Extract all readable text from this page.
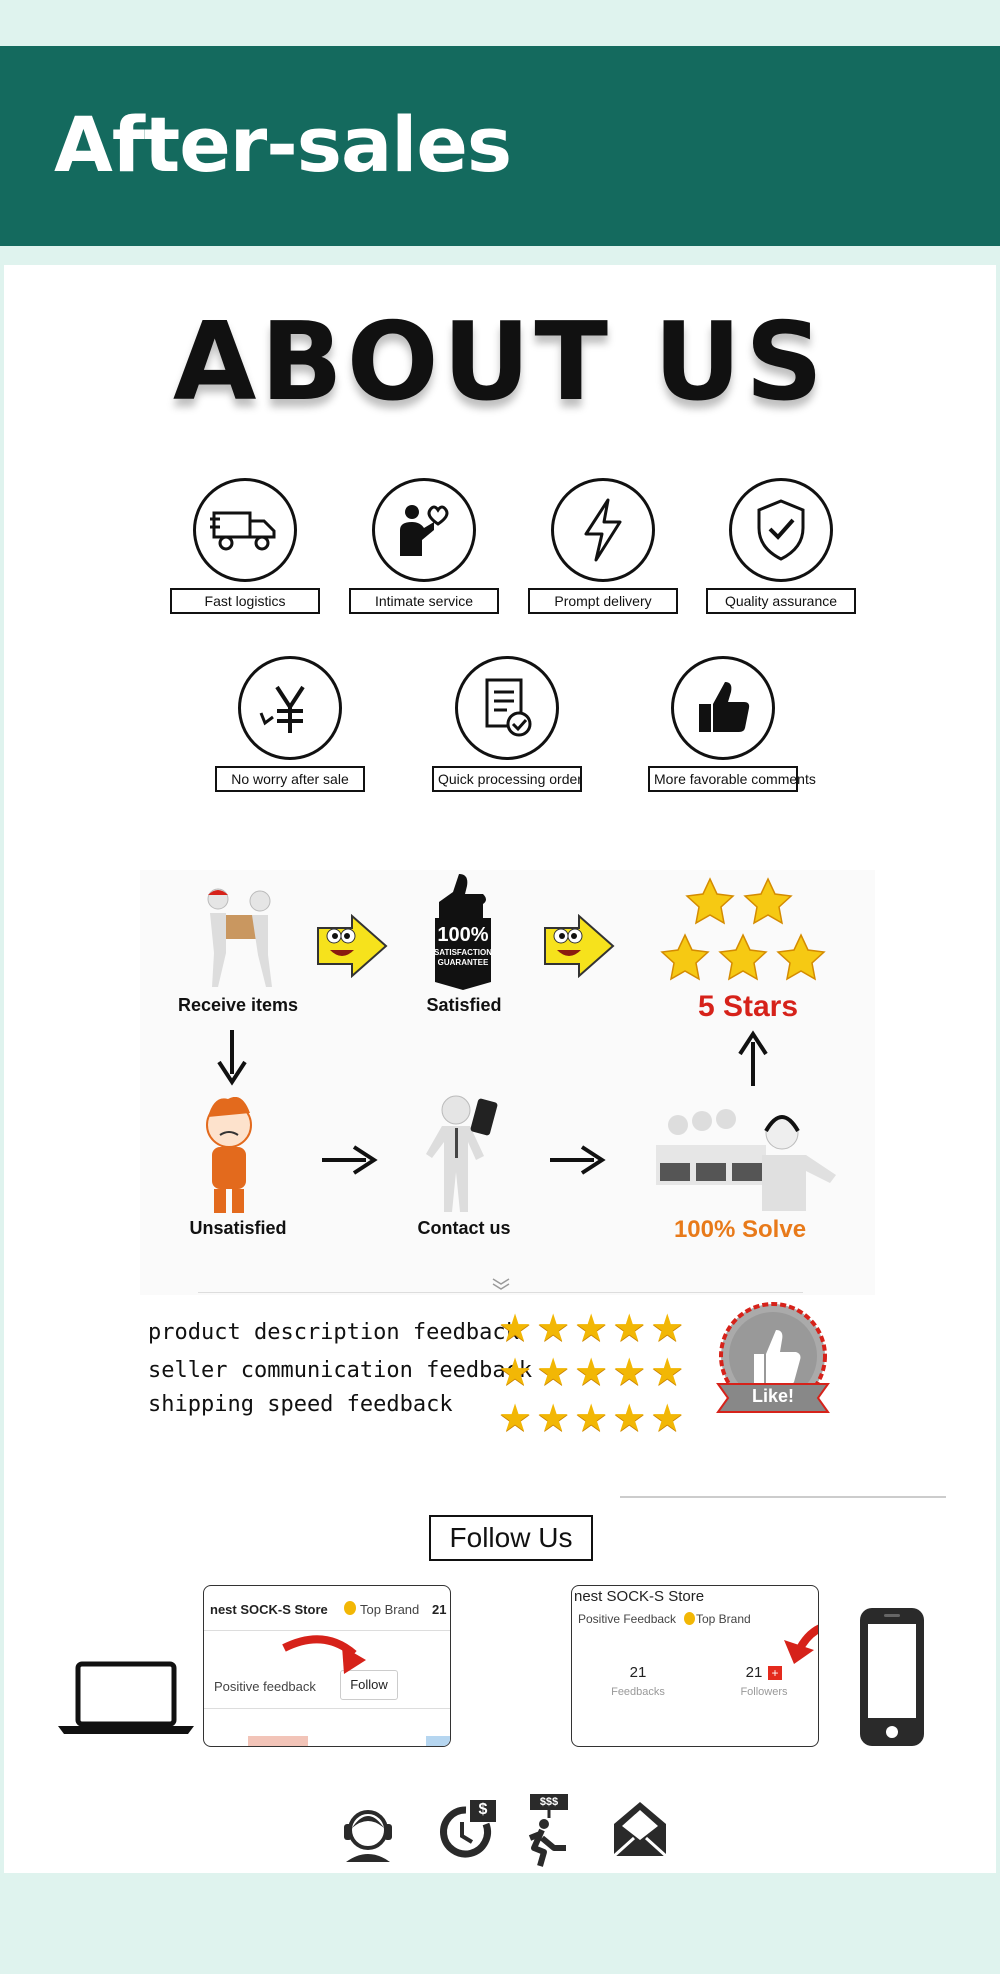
After-sales
ABOUT US
Fast logistics	Intimate service	Prompt delivery	Quality assurance
No worry after sale	Quick processing order	More favorable comments
Receive items
100%
SATISFACTION
GUARANTEE
Satisfied	5 Stars
Unsatisfied	Contact us	100% Solve
product description feedback
seller communication feedback
shipping speed feedback
★★★★★
★★★★★
★★★★★
Like!
Follow Us
nest SOCK-S Store Top Brand 21
Positive feedback	Follow
nest SOCK-S Store
Positive Feedback Top Brand
21
Feedbacks
21 +
Followers
$	$$$
